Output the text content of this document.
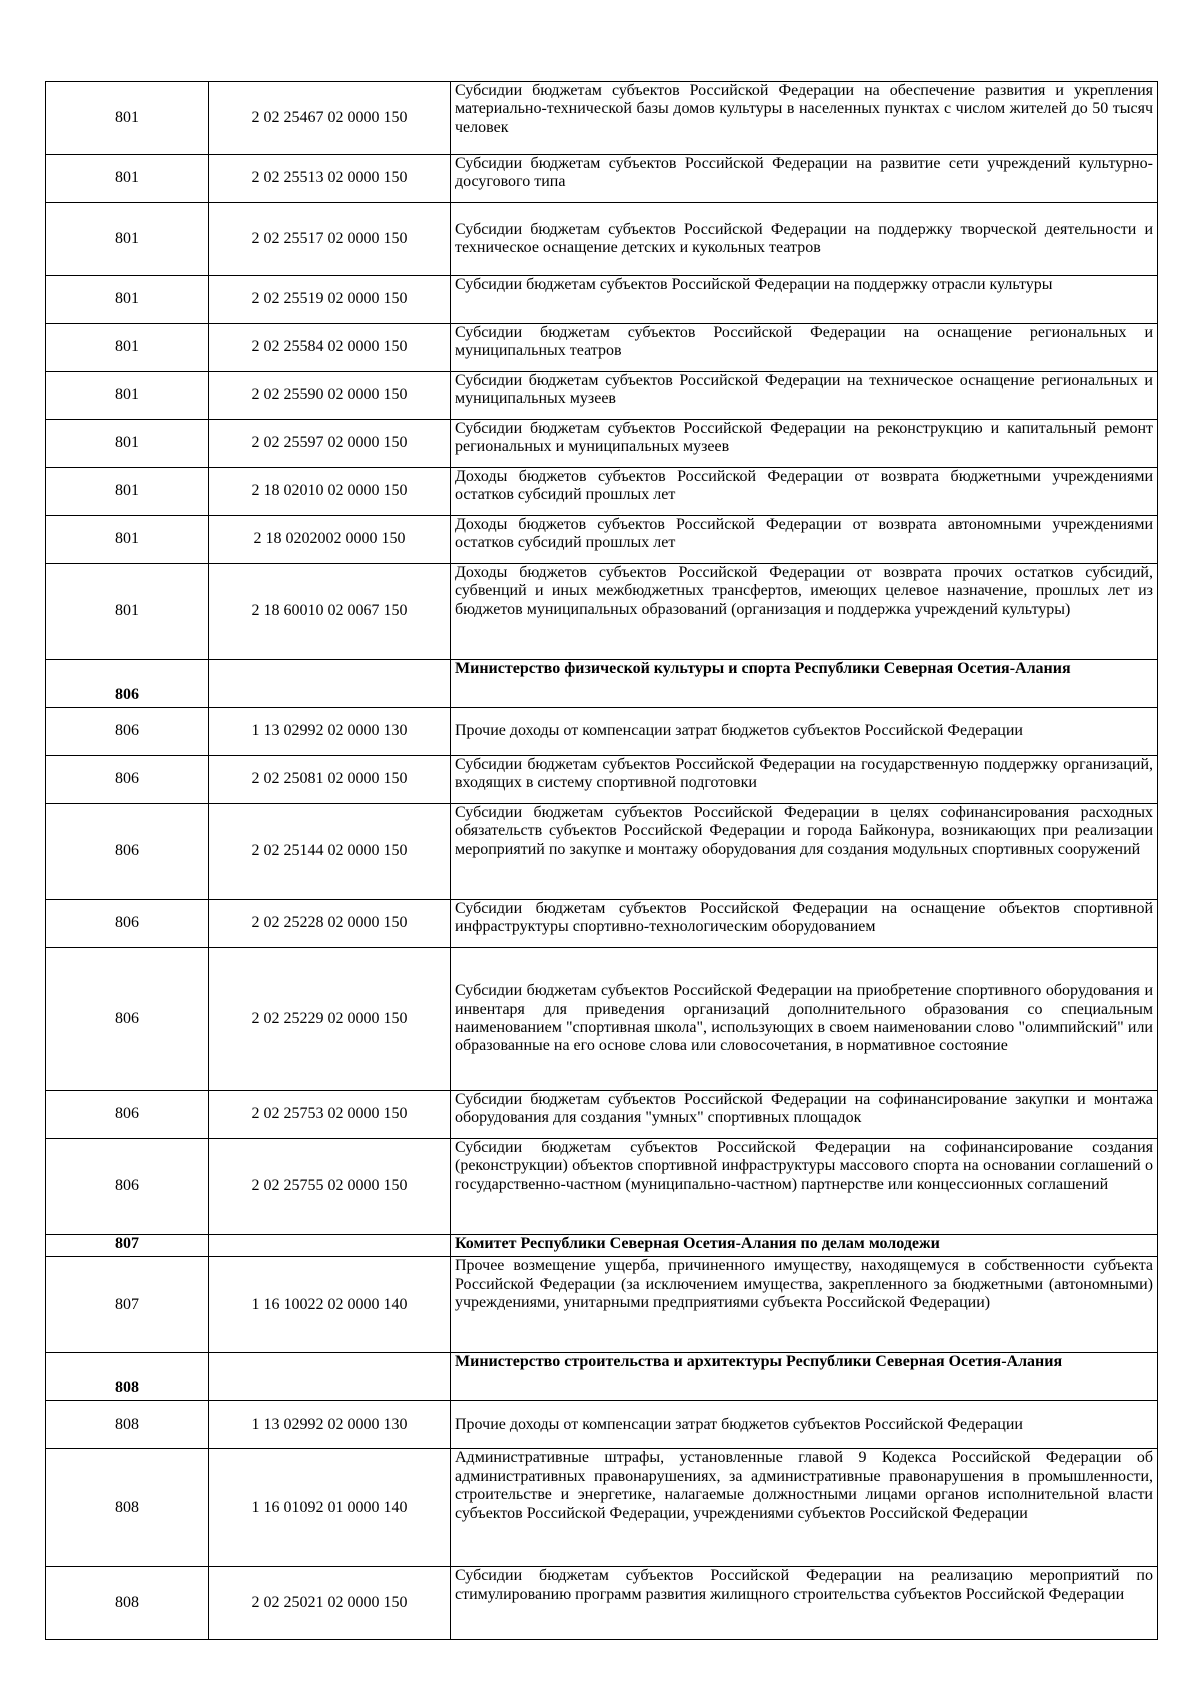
801	2 02 25467 02 0000 150	Субсидии бюджетам субъектов Российской Федерации на обеспечение развития и укрепления материально-технической базы домов культуры в населенных пунктах с числом жителей до 50 тысяч человек
801	2 02 25513 02 0000 150	Субсидии бюджетам субъектов Российской Федерации на развитие сети учреждений культурно-досугового типа
801	2 02 25517 02 0000 150	Субсидии бюджетам субъектов Российской Федерации на поддержку творческой деятельности и техническое оснащение детских и кукольных театров
801	2 02 25519 02 0000 150	Субсидии бюджетам субъектов Российской Федерации на поддержку отрасли культуры
801	2 02 25584 02 0000 150	Субсидии бюджетам субъектов Российской Федерации на оснащение региональных и муниципальных театров
801	2 02 25590 02 0000 150	Субсидии бюджетам субъектов Российской Федерации на техническое оснащение региональных и муниципальных музеев
801	2 02 25597 02 0000 150	Субсидии бюджетам субъектов Российской Федерации на реконструкцию и капитальный ремонт региональных и муниципальных музеев
801	2 18 02010 02 0000 150	Доходы бюджетов субъектов Российской Федерации от возврата бюджетными учреждениями остатков субсидий прошлых лет
801	2 18 0202002 0000 150	Доходы бюджетов субъектов Российской Федерации от возврата автономными учреждениями остатков субсидий прошлых лет
801	2 18 60010 02 0067 150	Доходы бюджетов субъектов Российской Федерации от возврата прочих остатков субсидий, субвенций и иных межбюджетных трансфертов, имеющих целевое назначение, прошлых лет из бюджетов муниципальных образований (организация и поддержка учреждений культуры)
806		Министерство физической культуры и спорта Республики Северная Осетия-Алания
806	1 13 02992 02 0000 130	Прочие доходы от компенсации затрат бюджетов субъектов Российской Федерации
806	2 02 25081 02 0000 150	Субсидии бюджетам субъектов Российской Федерации на государственную поддержку организаций, входящих в систему спортивной подготовки
806	2 02 25144 02 0000 150	Субсидии бюджетам субъектов Российской Федерации в целях софинансирования расходных обязательств субъектов Российской Федерации и города Байконура, возникающих при реализации мероприятий по закупке и монтажу оборудования для создания модульных спортивных сооружений
806	2 02 25228 02 0000 150	Субсидии бюджетам субъектов Российской Федерации на оснащение объектов спортивной инфраструктуры спортивно-технологическим оборудованием
806	2 02 25229 02 0000 150	Субсидии бюджетам субъектов Российской Федерации на приобретение спортивного оборудования и инвентаря для приведения организаций дополнительного образования со специальным наименованием "спортивная школа", использующих в своем наименовании слово "олимпийский" или образованные на его основе слова или словосочетания, в нормативное состояние
806	2 02 25753 02 0000 150	Субсидии бюджетам субъектов Российской Федерации на софинансирование закупки и монтажа оборудования для создания "умных" спортивных площадок
806	2 02 25755 02 0000 150	Субсидии бюджетам субъектов Российской Федерации на софинансирование создания (реконструкции) объектов спортивной инфраструктуры массового спорта на основании соглашений о государственно-частном (муниципально-частном) партнерстве или концессионных соглашений
807		Комитет Республики Северная Осетия-Алания по делам молодежи
807	1 16 10022 02 0000 140	Прочее возмещение ущерба, причиненного имуществу, находящемуся в собственности субъекта Российской Федерации (за исключением имущества, закрепленного за бюджетными (автономными) учреждениями, унитарными предприятиями субъекта Российской Федерации)
808		Министерство строительства и архитектуры Республики Северная Осетия-Алания
808	1 13 02992 02 0000 130	Прочие доходы от компенсации затрат бюджетов субъектов Российской Федерации
808	1 16 01092 01 0000 140	Административные штрафы, установленные главой 9 Кодекса Российской Федерации об административных правонарушениях, за административные правонарушения в промышленности, строительстве и энергетике, налагаемые должностными лицами органов исполнительной власти субъектов Российской Федерации, учреждениями субъектов Российской Федерации
808	2 02 25021 02 0000 150	Субсидии бюджетам субъектов Российской Федерации на реализацию мероприятий по стимулированию программ развития жилищного строительства субъектов Российской Федерации
